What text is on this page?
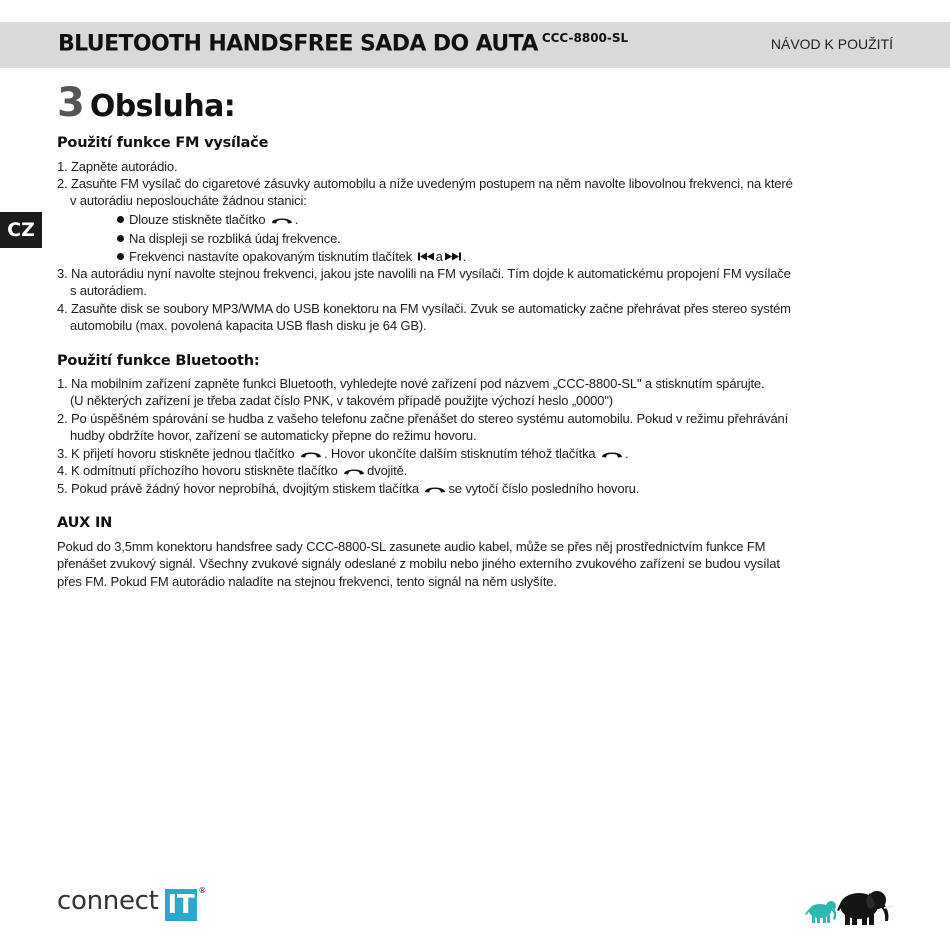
BLUETOOTH HANDSFREE SADA DO AUTA $^{CCC-8800-SL}$	NÁVOD K POUŽITÍ
CZ
3 Obsluha:
Použití funkce FM vysílače
1. Zapněte autorádio.
2. Zasuňte FM vysílač do cigaretové zásuvky automobilu a níže uvedeným postupem na něm navolte libovolnou frekvenci, na které
v autorádiu neposloucháte žádnou stanici:
Dlouze stiskněte tlačítko .
Na displeji se rozbliká údaj frekvence.
Frekvenci nastavíte opakovaným tisknutím tlačítek a .
3. Na autorádiu nyní navolte stejnou frekvenci, jakou jste navolili na FM vysílači. Tím dojde k automatickému propojení FM vysílače
s autorádiem.
4. Zasuňte disk se soubory MP3/WMA do USB konektoru na FM vysílači. Zvuk se automaticky začne přehrávat přes stereo systém
automobilu (max. povolená kapacita USB flash disku je 64 GB).
Použití funkce Bluetooth:
1. Na mobilním zařízení zapněte funkci Bluetooth, vyhledejte nové zařízení pod názvem „CCC-8800-SL" a stisknutím spárujte.
(U některých zařízení je třeba zadat číslo PNK, v takovém případě použijte výchozí heslo „0000")
2. Po úspěšném spárování se hudba z vašeho telefonu začne přenášet do stereo systému automobilu. Pokud v režimu přehrávání
hudby obdržíte hovor, zařízení se automaticky přepne do režimu hovoru.
3. K přijetí hovoru stiskněte jednou tlačítko . Hovor ukončíte dalším stisknutím téhož tlačítka .
4. K odmítnutí příchozího hovoru stiskněte tlačítko dvojitě.
5. Pokud právě žádný hovor neprobíhá, dvojitým stiskem tlačítka se vytočí číslo posledního hovoru.
AUX IN
Pokud do 3,5mm konektoru handsfree sady CCC-8800-SL zasunete audio kabel, může se přes něj prostřednictvím funkce FM
přenášet zvukový signál. Všechny zvukové signály odeslané z mobilu nebo jiného externího zvukového zařízení se budou vysílat
přes FM. Pokud FM autorádio naladíte na stejnou frekvenci, tento signál na něm uslyšíte.
connect IT ®
